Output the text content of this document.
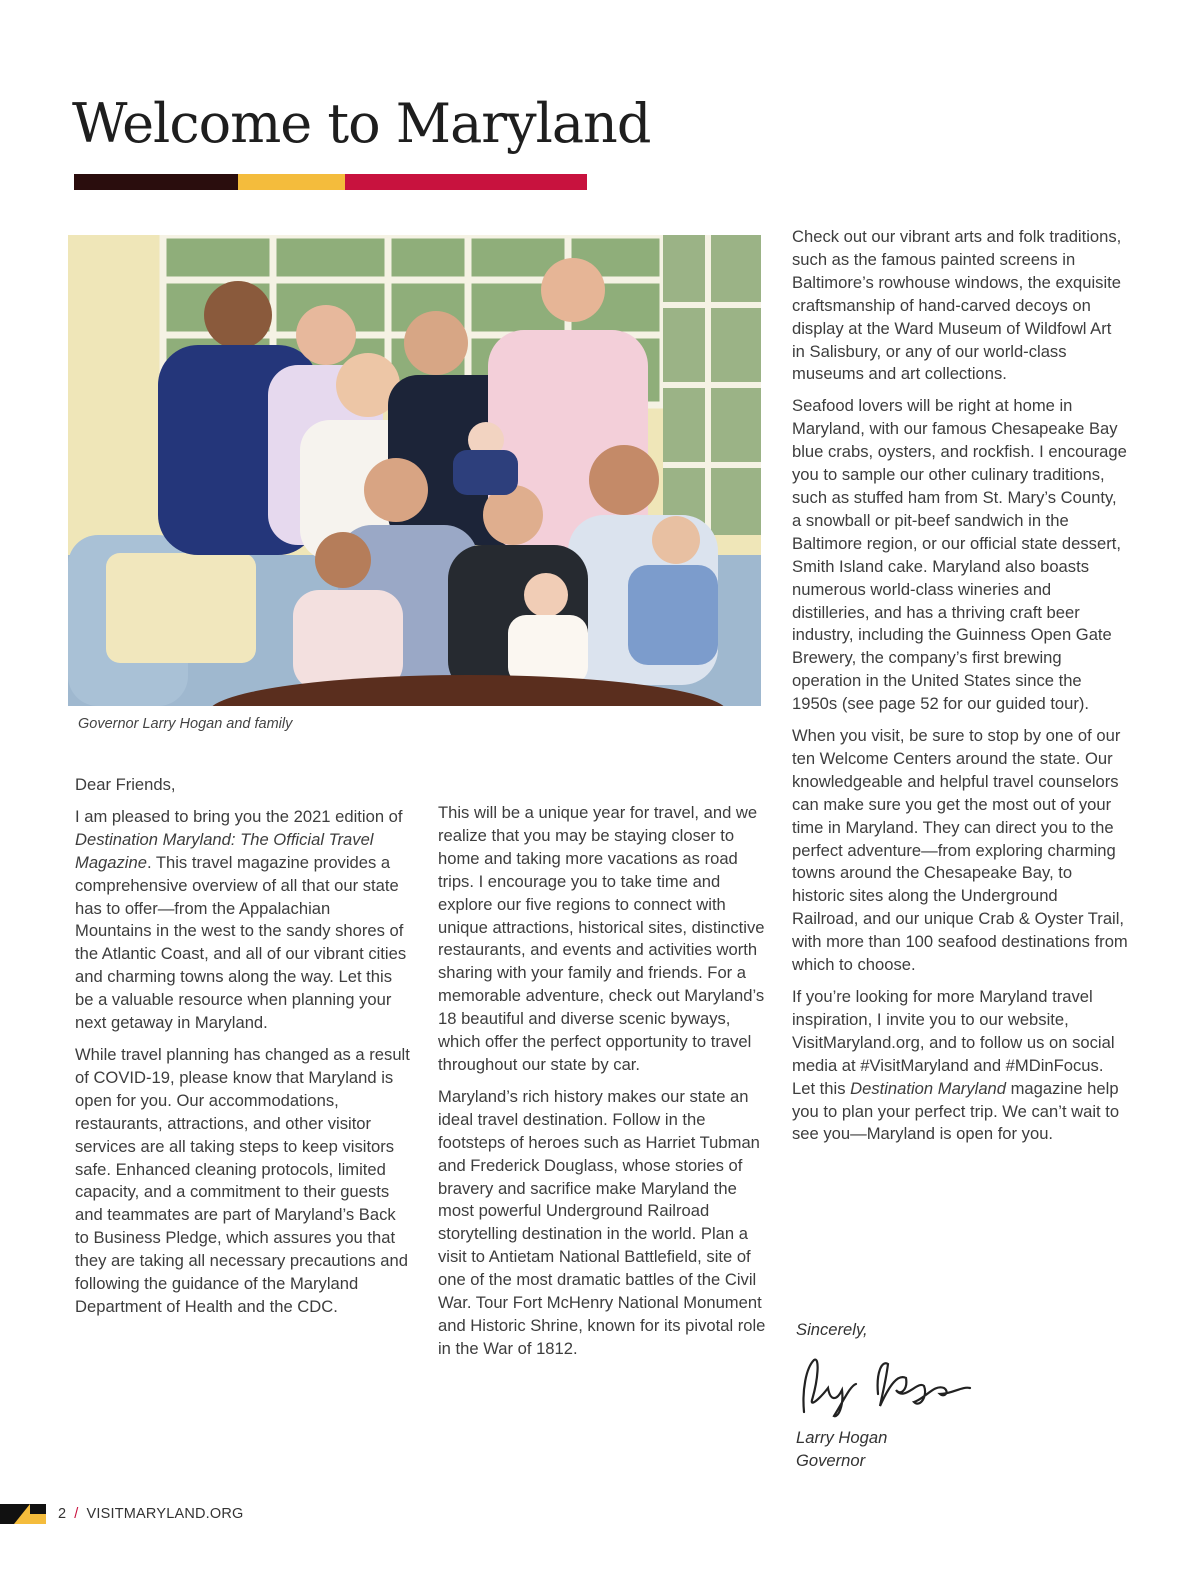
Welcome to Maryland
Governor Larry Hogan and family

Dear Friends,

I am pleased to bring you the 2021 edition of Destination Maryland: The Official Travel Magazine. This travel magazine provides a comprehensive overview of all that our state has to offer—from the Appalachian Mountains in the west to the sandy shores of the Atlantic Coast, and all of our vibrant cities and charming towns along the way. Let this be a valuable resource when planning your next getaway in Maryland.

While travel planning has changed as a result of COVID-19, please know that Maryland is open for you. Our accommodations, restaurants, attractions, and other visitor services are all taking steps to keep visitors safe. Enhanced cleaning protocols, limited capacity, and a commitment to their guests and teammates are part of Maryland’s Back to Business Pledge, which assures you that they are taking all necessary precautions and following the guidance of the Maryland Department of Health and the CDC.

This will be a unique year for travel, and we realize that you may be staying closer to home and taking more vacations as road trips. I encourage you to take time and explore our five regions to connect with unique attractions, historical sites, distinctive restaurants, and events and activities worth sharing with your family and friends. For a memorable adventure, check out Maryland’s 18 beautiful and diverse scenic byways, which offer the perfect opportunity to travel throughout our state by car.

Maryland’s rich history makes our state an ideal travel destination. Follow in the footsteps of heroes such as Harriet Tubman and Frederick Douglass, whose stories of bravery and sacrifice make Maryland the most powerful Underground Railroad storytelling destination in the world. Plan a visit to Antietam National Battlefield, site of one of the most dramatic battles of the Civil War. Tour Fort McHenry National Monument and Historic Shrine, known for its pivotal role in the War of 1812.

Check out our vibrant arts and folk traditions, such as the famous painted screens in Baltimore’s rowhouse windows, the exquisite craftsmanship of hand-carved decoys on display at the Ward Museum of Wildfowl Art in Salisbury, or any of our world-class museums and art collections.

Seafood lovers will be right at home in Maryland, with our famous Chesapeake Bay blue crabs, oysters, and rockfish. I encourage you to sample our other culinary traditions, such as stuffed ham from St. Mary’s County, a snowball or pit-beef sandwich in the Baltimore region, or our official state dessert, Smith Island cake. Maryland also boasts numerous world-class wineries and distilleries, and has a thriving craft beer industry, including the Guinness Open Gate Brewery, the company’s first brewing operation in the United States since the 1950s (see page 52 for our guided tour).

When you visit, be sure to stop by one of our ten Welcome Centers around the state. Our knowledgeable and helpful travel counselors can make sure you get the most out of your time in Maryland. They can direct you to the perfect adventure—from exploring charming towns around the Chesapeake Bay, to historic sites along the Underground Railroad, and our unique Crab & Oyster Trail, with more than 100 seafood destinations from which to choose.

If you’re looking for more Maryland travel inspiration, I invite you to our website, VisitMaryland.org, and to follow us on social media at #VisitMaryland and #MDinFocus. Let this Destination Maryland magazine help you to plan your perfect trip. We can’t wait to see you—Maryland is open for you.

Sincerely,
Larry Hogan
Governor
2 / VISITMARYLAND.ORG
